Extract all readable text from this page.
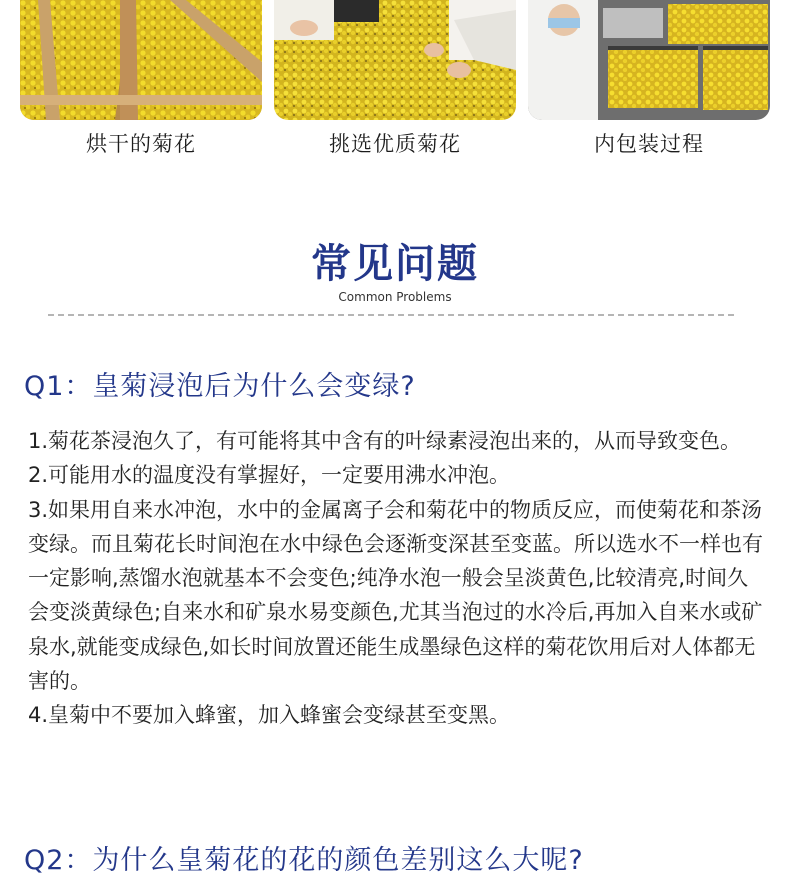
烘干的菊花	挑选优质菊花	内包装过程
常见问题
Common Problems
Q1：皇菊浸泡后为什么会变绿?

1.菊花茶浸泡久了，有可能将其中含有的叶绿素浸泡出来的，从而导致变色。

2.可能用水的温度没有掌握好，一定要用沸水冲泡。

3.如果用自来水冲泡，水中的金属离子会和菊花中的物质反应，而使菊花和茶汤变绿。而且菊花长时间泡在水中绿色会逐渐变深甚至变蓝。所以选水不一样也有一定影响,蒸馏水泡就基本不会变色;纯净水泡一般会呈淡黄色,比较清亮,时间久会变淡黄绿色;自来水和矿泉水易变颜色,尤其当泡过的水冷后,再加入自来水或矿泉水,就能变成绿色,如长时间放置还能生成墨绿色这样的菊花饮用后对人体都无害的。

4.皇菊中不要加入蜂蜜，加入蜂蜜会变绿甚至变黑。

Q2：为什么皇菊花的花的颜色差别这么大呢?
